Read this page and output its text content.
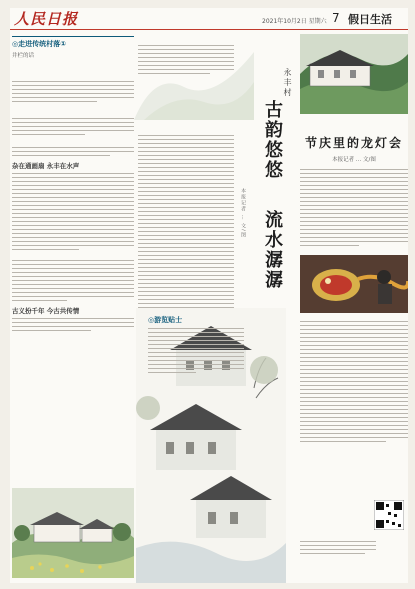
人民日报	2021年10月2日 星期六 7 假日生活
◎走进传统村落①
井栏的话
杂在通画扇 永丰在水声
古义扮千年 今古共传情
永丰村
古韵悠悠
流水潺潺
本报记者 … 文/图
◎游览贴士
节庆里的龙灯会
本报记者 … 文/图
